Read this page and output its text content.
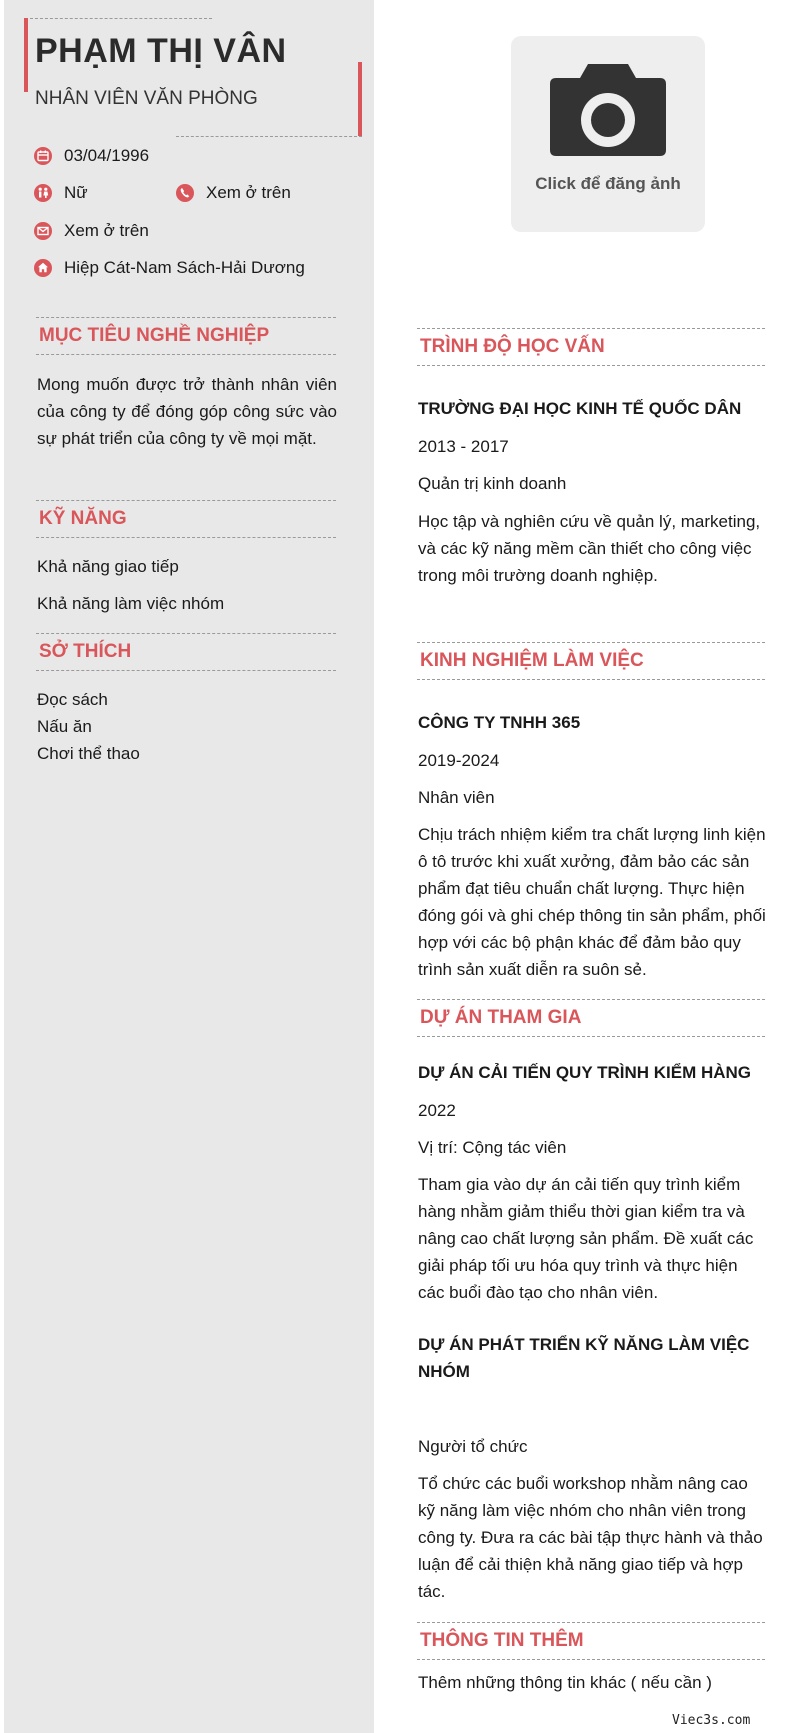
PHẠM THỊ VÂN
NHÂN VIÊN VĂN PHÒNG
03/04/1996
Nữ	Xem ở trên
Xem ở trên
Hiệp Cát-Nam Sách-Hải Dương
MỤC TIÊU NGHỀ NGHIỆP
Mong muốn được trở thành nhân viên của công ty để đóng góp công sức vào sự phát triển của công ty về mọi mặt.
KỸ NĂNG
Khả năng giao tiếp
Khả năng làm việc nhóm
SỞ THÍCH
Đọc sách
Nấu ăn
Chơi thể thao
Click để đăng ảnh
TRÌNH ĐỘ HỌC VẤN
TRƯỜNG ĐẠI HỌC KINH TẾ QUỐC DÂN
2013 - 2017
Quản trị kinh doanh
Học tập và nghiên cứu về quản lý, marketing, và các kỹ năng mềm cần thiết cho công việc trong môi trường doanh nghiệp.
KINH NGHIỆM LÀM VIỆC
CÔNG TY TNHH 365
2019-2024
Nhân viên
Chịu trách nhiệm kiểm tra chất lượng linh kiện ô tô trước khi xuất xưởng, đảm bảo các sản phẩm đạt tiêu chuẩn chất lượng. Thực hiện đóng gói và ghi chép thông tin sản phẩm, phối hợp với các bộ phận khác để đảm bảo quy trình sản xuất diễn ra suôn sẻ.
DỰ ÁN THAM GIA
DỰ ÁN CẢI TIẾN QUY TRÌNH KIỂM HÀNG
2022
Vị trí: Cộng tác viên
Tham gia vào dự án cải tiến quy trình kiểm hàng nhằm giảm thiểu thời gian kiểm tra và nâng cao chất lượng sản phẩm. Đề xuất các giải pháp tối ưu hóa quy trình và thực hiện các buổi đào tạo cho nhân viên.
DỰ ÁN PHÁT TRIỂN KỸ NĂNG LÀM VIỆC NHÓM
Người tổ chức
Tổ chức các buổi workshop nhằm nâng cao kỹ năng làm việc nhóm cho nhân viên trong công ty. Đưa ra các bài tập thực hành và thảo luận để cải thiện khả năng giao tiếp và hợp tác.
THÔNG TIN THÊM
Thêm những thông tin khác ( nếu cần )
Viec3s.com
